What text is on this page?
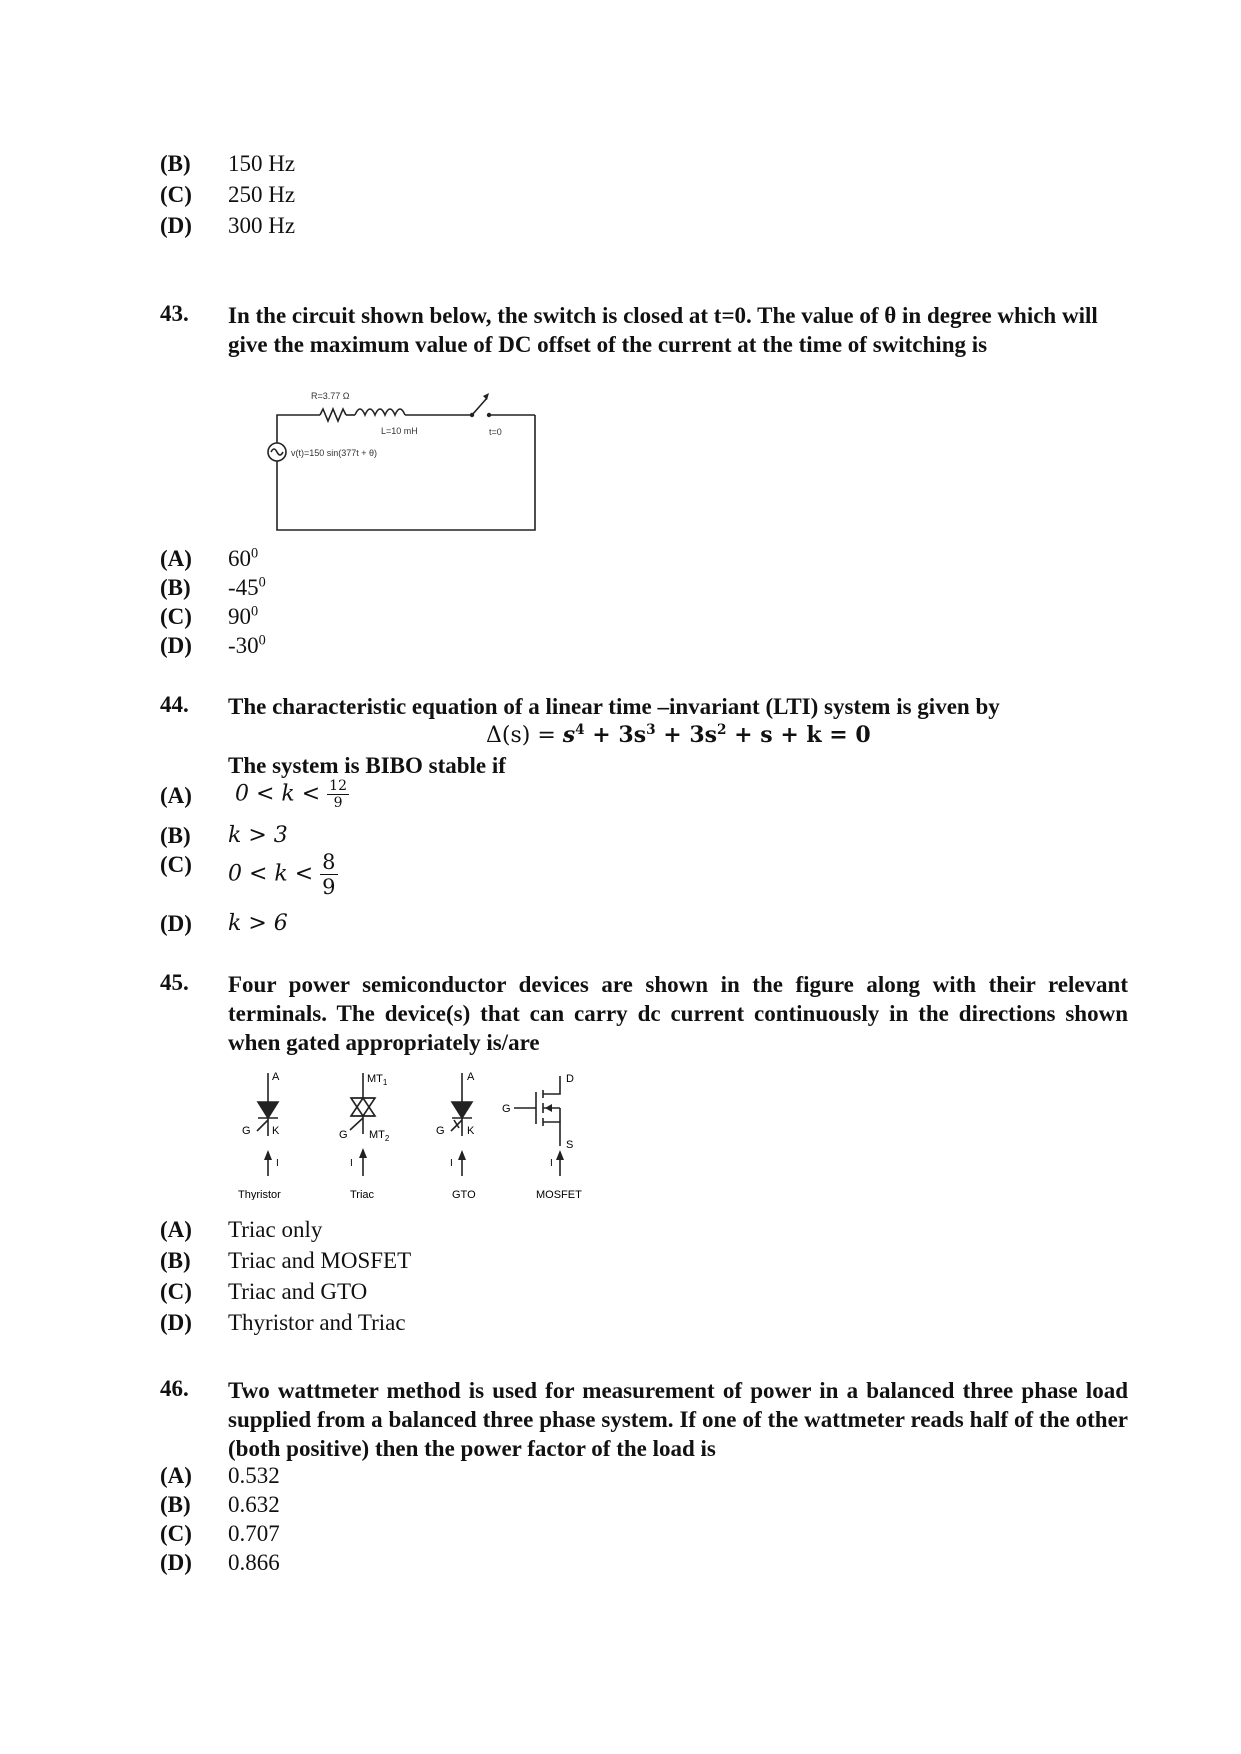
(B) 150 Hz
(C) 250 Hz
(D) 300 Hz
43. In the circuit shown below, the switch is closed at t=0. The value of θ in degree which will give the maximum value of DC offset of the current at the time of switching is
R=3.77 Ω
L=10 mH	t=0
v(t)=150 sin(377t + θ)
(A) $60^0$
(B) $-45^0$
(C) $90^0$
(D) $-30^0$
44. The characteristic equation of a linear time –invariant (LTI) system is given by
$\Delta(s) = s^4 + 3s^3 + 3s^2 + s + k = 0$
The system is BIBO stable if
(A) $0 < k < \frac{12}{9}$
(B) k > 3
(C) $0 < k < \frac{8}{9}$
(D) k > 6
45. Four power semiconductor devices are shown in the figure along with their relevant terminals. The device(s) that can carry dc current continuously in the directions shown when gated appropriately is/are
A
G K
I
Thyristor
$MT_1$
G $MT_2$
I
Triac
A
G K
I
GTO
D
G
S
I
MOSFET
(A) Triac only
(B) Triac and MOSFET
(C) Triac and GTO
(D) Thyristor and Triac
46. Two wattmeter method is used for measurement of power in a balanced three phase load supplied from a balanced three phase system. If one of the wattmeter reads half of the other (both positive) then the power factor of the load is
(A) 0.532
(B) 0.632
(C) 0.707
(D) 0.866
